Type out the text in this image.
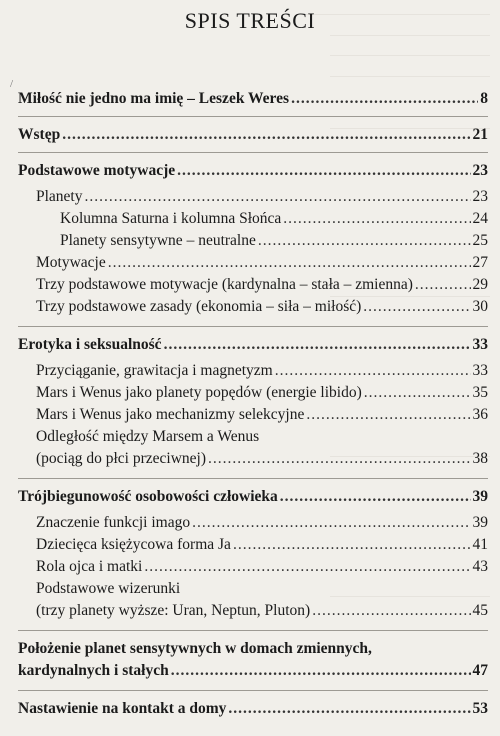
SPIS TREŚCI
/
Miłość nie jedno ma imię – Leszek Weres .....	8
Wstęp .....	21
Podstawowe motywacje .....	23
Planety .....	23
Kolumna Saturna i kolumna Słońca .....	24
Planety sensytywne – neutralne .....	25
Motywacje .....	27
Trzy podstawowe motywacje (kardynalna – stała – zmienna) .....	29
Trzy podstawowe zasady (ekonomia – siła – miłość) .....	30
Erotyka i seksualność .....	33
Przyciąganie, grawitacja i magnetyzm .....	33
Mars i Wenus jako planety popędów (energie libido) .....	35
Mars i Wenus jako mechanizmy selekcyjne .....	36
Odległość między Marsem a Wenus
(pociąg do płci przeciwnej) .....	38
Trójbiegunowość osobowości człowieka .....	39
Znaczenie funkcji imago .....	39
Dziecięca księżycowa forma Ja .....	41
Rola ojca i matki .....	43
Podstawowe wizerunki
(trzy planety wyższe: Uran, Neptun, Pluton) .....	45
Położenie planet sensytywnych w domach zmiennych,
kardynalnych i stałych .....	47
Nastawienie na kontakt a domy .....	53
